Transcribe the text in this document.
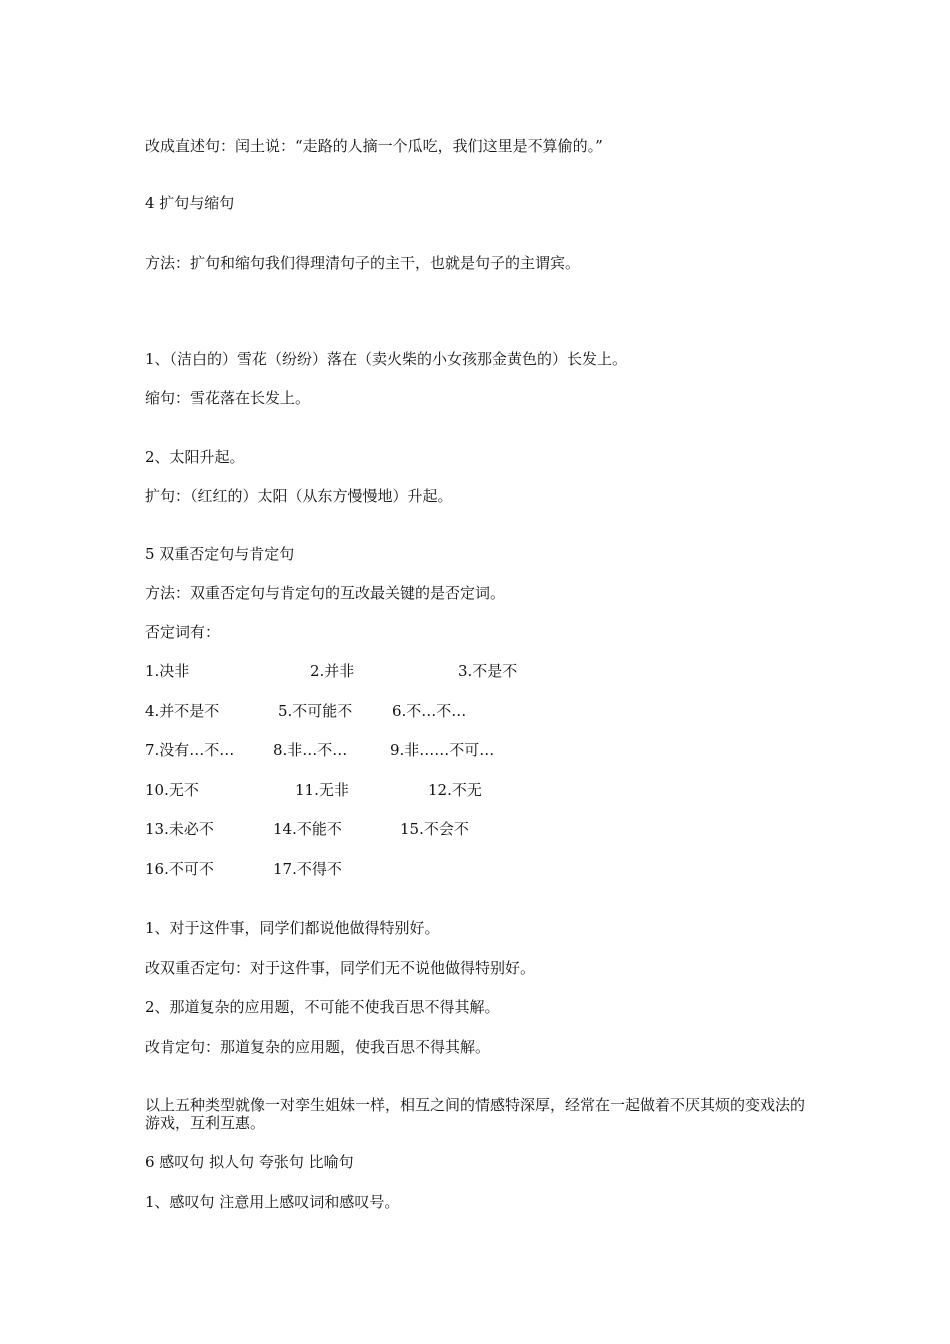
改成直述句：闰土说：“走路的人摘一个瓜吃，我们这里是不算偷的。”
4 扩句与缩句
方法：扩句和缩句我们得理清句子的主干，也就是句子的主谓宾。
1、（洁白的）雪花（纷纷）落在（卖火柴的小女孩那金黄色的）长发上。
缩句：雪花落在长发上。
2、太阳升起。
扩句：（红红的）太阳（从东方慢慢地）升起。
5 双重否定句与肯定句
方法：双重否定句与肯定句的互改最关键的是否定词。
否定词有：
1.决非	2.并非	3.不是不
4.并不是不	5.不可能不	6.不…不…
7.没有…不…	8.非…不…	9.非……不可…
10.无不	11.无非	12.不无
13.未必不	14.不能不	15.不会不
16.不可不	17.不得不
1、对于这件事，同学们都说他做得特别好。
改双重否定句：对于这件事，同学们无不说他做得特别好。
2、那道复杂的应用题，不可能不使我百思不得其解。
改肯定句：那道复杂的应用题，使我百思不得其解。
以上五种类型就像一对孪生姐妹一样，相互之间的情感特深厚，经常在一起做着不厌其烦的变戏法的游戏，互利互惠。
6 感叹句 拟人句 夸张句 比喻句
1、感叹句 注意用上感叹词和感叹号。
